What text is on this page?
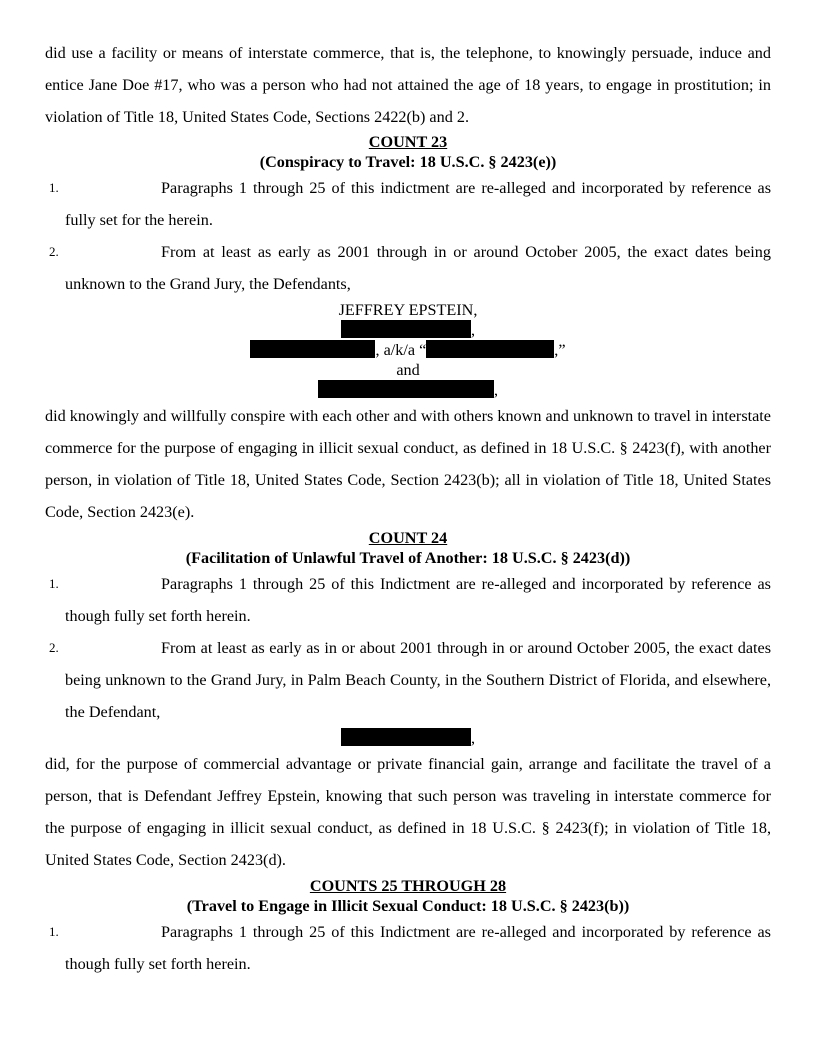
did use a facility or means of interstate commerce, that is, the telephone, to knowingly persuade, induce and entice Jane Doe #17, who was a person who had not attained the age of 18 years, to engage in prostitution; in violation of Title 18, United States Code, Sections 2422(b) and 2.

COUNT 23

(Conspiracy to Travel: 18 U.S.C. § 2423(e))

1.	Paragraphs 1 through 25 of this indictment are re-alleged and incorporated by reference as fully set for the herein.

2.	From at least as early as 2001 through in or around October 2005, the exact dates being unknown to the Grand Jury, the Defendants,

JEFFREY EPSTEIN,

,

, a/k/a “	,”

and

,

did knowingly and willfully conspire with each other and with others known and unknown to travel in interstate commerce for the purpose of engaging in illicit sexual conduct, as defined in 18 U.S.C. § 2423(f), with another person, in violation of Title 18, United States Code, Section 2423(b); all in violation of Title 18, United States Code, Section 2423(e).

COUNT 24

(Facilitation of Unlawful Travel of Another: 18 U.S.C. § 2423(d))

1.	Paragraphs 1 through 25 of this Indictment are re-alleged and incorporated by reference as though fully set forth herein.

2.	From at least as early as in or about 2001 through in or around October 2005, the exact dates being unknown to the Grand Jury, in Palm Beach County, in the Southern District of Florida, and elsewhere, the Defendant,

,

did, for the purpose of commercial advantage or private financial gain, arrange and facilitate the travel of a person, that is Defendant Jeffrey Epstein, knowing that such person was traveling in interstate commerce for the purpose of engaging in illicit sexual conduct, as defined in 18 U.S.C. § 2423(f); in violation of Title 18, United States Code, Section 2423(d).

COUNTS 25 THROUGH 28

(Travel to Engage in Illicit Sexual Conduct: 18 U.S.C. § 2423(b))

1.	Paragraphs 1 through 25 of this Indictment are re-alleged and incorporated by reference as though fully set forth herein.
